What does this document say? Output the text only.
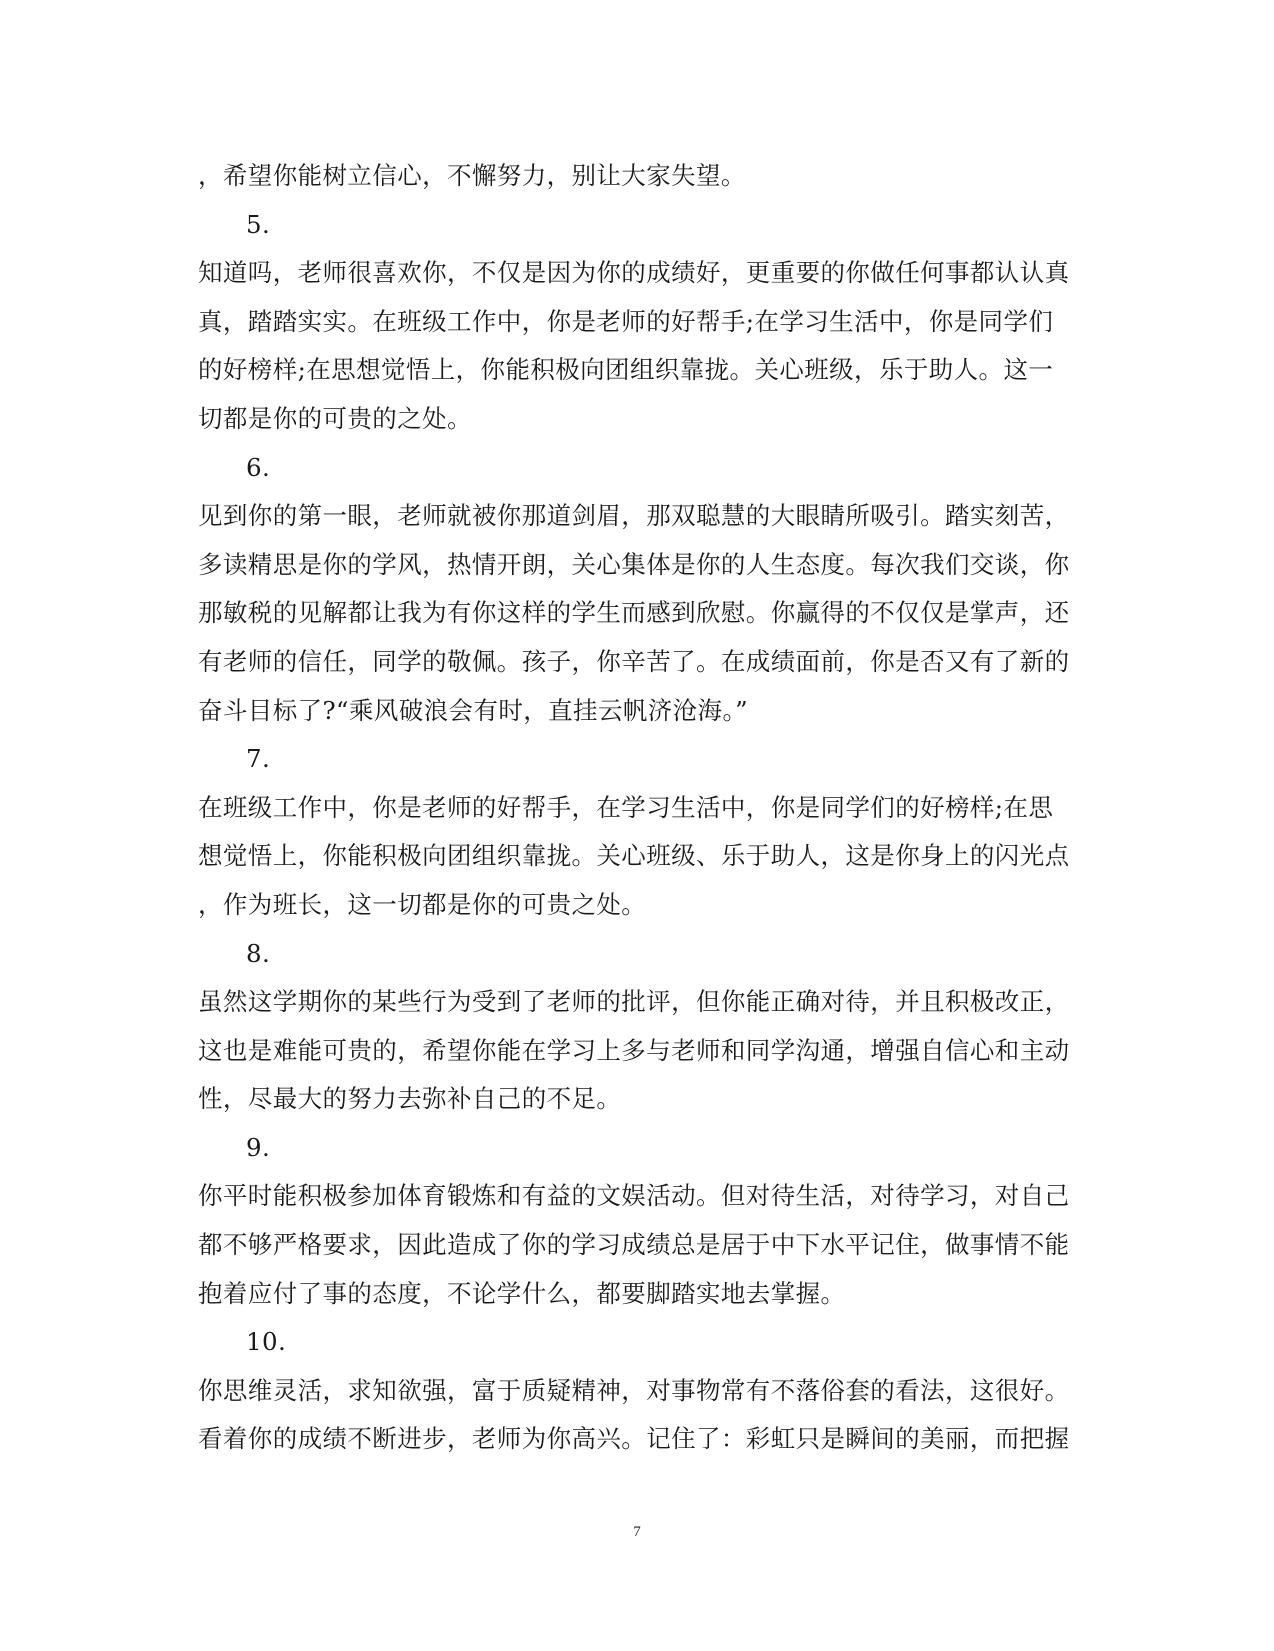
，希望你能树立信心，不懈努力，别让大家失望。
5.
知道吗，老师很喜欢你，不仅是因为你的成绩好，更重要的你做任何事都认认真
真，踏踏实实。在班级工作中，你是老师的好帮手;在学习生活中，你是同学们
的好榜样;在思想觉悟上，你能积极向团组织靠拢。关心班级，乐于助人。这一
切都是你的可贵的之处。
6.
见到你的第一眼，老师就被你那道剑眉，那双聪慧的大眼睛所吸引。踏实刻苦，
多读精思是你的学风，热情开朗，关心集体是你的人生态度。每次我们交谈，你
那敏税的见解都让我为有你这样的学生而感到欣慰。你赢得的不仅仅是掌声，还
有老师的信任，同学的敬佩。孩子，你辛苦了。在成绩面前，你是否又有了新的
奋斗目标了?“乘风破浪会有时，直挂云帆济沧海。”
7.
在班级工作中，你是老师的好帮手，在学习生活中，你是同学们的好榜样;在思
想觉悟上，你能积极向团组织靠拢。关心班级、乐于助人，这是你身上的闪光点
，作为班长，这一切都是你的可贵之处。
8.
虽然这学期你的某些行为受到了老师的批评，但你能正确对待，并且积极改正，
这也是难能可贵的，希望你能在学习上多与老师和同学沟通，增强自信心和主动
性，尽最大的努力去弥补自己的不足。
9.
你平时能积极参加体育锻炼和有益的文娱活动。但对待生活，对待学习，对自己
都不够严格要求，因此造成了你的学习成绩总是居于中下水平记住，做事情不能
抱着应付了事的态度，不论学什么，都要脚踏实地去掌握。
10.
你思维灵活，求知欲强，富于质疑精神，对事物常有不落俗套的看法，这很好。
看着你的成绩不断进步，老师为你高兴。记住了：彩虹只是瞬间的美丽，而把握
7
